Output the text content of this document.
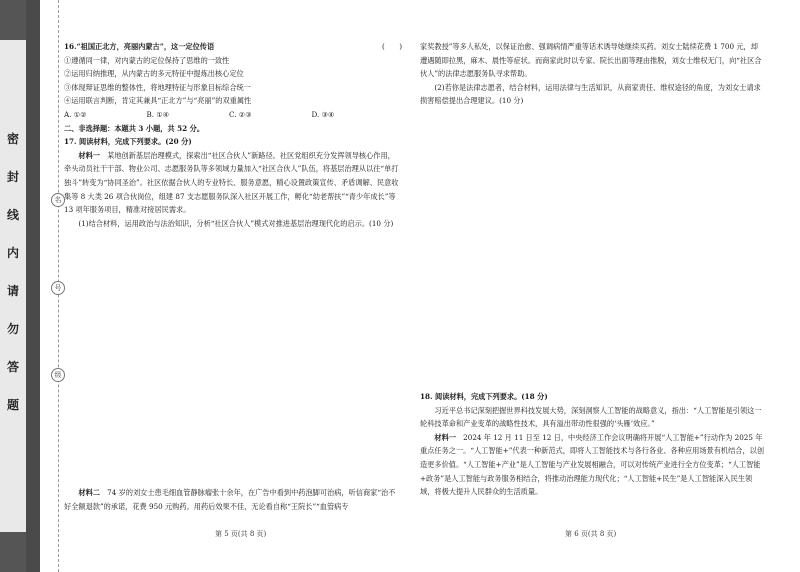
密
封
线
内
请
勿
答
题
名
号
级

16.“祖国正北方，亮丽内蒙古”，这一定位传语	(　　)

①遵循同一律，对内蒙古的定位保持了思维的一致性

②运用归纳推理，从内蒙古的多元特征中提炼出核心定位

③体现辩证思维的整体性，将地理特征与形象目标综合统一

④运用联言判断，肯定其兼具“正北方”与“亮丽”的双重属性

A. ①②	B. ①④	C. ②③	D. ③④

二、非选择题：本题共 3 小题，共 52 分。

17. 阅读材料，完成下列要求。(20 分)

材料一　 某地创新基层治理模式，探索出“社区合伙人”新路径。社区党组织充分发挥领导核心作用，牵头动员社干干部、物业公司、志愿服务队等多领域力量加入“社区合伙人”队伍，将基层治理从以往“单打独斗”转变为“协同圣治”。社区依据合伙人的专业特长、服务意愿，精心设置政策宣传、矛盾调解、民意收集等 8 大类 26 项合伙岗位，组建 87 支志愿服务队深入社区开展工作，孵化“幼老帮扶”“青少年成长”等 13 项年服务项目，精准对接居民需求。

(1)结合材料，运用政治与法治知识，分析“社区合伙人”模式对推进基层治理现代化的启示。(10 分)

材料二　 74 岁的刘女士患毛细血管静脉瘤张十余年，在广告中看到中药泡脚可治病，听信商家“治不好全额退款”的承诺，花费 950 元购药。用药后效果不佳，无论看自称“王院长”“血管病专

家奖教授”等多人私处，以保证治愈、强调病情严重等话术诱导她继续买药。刘女士陆续花费 1 700 元，却遭遇随即拉黑，麻木、晨性等症状。而商家此时以专家、院长出面等理由推脱，刘女士维权无门，向“社区合伙人”的法律志愿服务队寻求帮助。

(2)若你是法律志愿者，结合材料，运用法律与生活知识，从商家责任、维权途径的角度，为刘女士请求损害赔偿提出合理建议。(10 分)

18. 阅读材料，完成下列要求。(18 分)

习近平总书记深刻把握世界科技发展大势，深刻洞察人工智能的战略意义，指出：“人工智能是引领这一轮科技革命和产业变革的战略性技术，具有溢出带动性很强的‘头雁’效应。”

材料一　 2024 年 12 月 11 日至 12 日，中央经济工作会议明确将开展“人工智能+”行动作为 2025 年重点任务之一。“人工智能+”代表一种新范式，即将人工智能技术与各行各业、各种应用场景有机结合，以创造更多价值。“人工智能+产业”是人工智能与产业发展相融合，可以对传统产业进行全方位变革；“人工智能+政务”是人工智能与政务服务相结合，将推动治理能力现代化；“人工智能+民生”是人工智能深入民生领域，将极大提升人民群众的生活质量。

第 5 页(共 8 页)	第 6 页(共 8 页)
